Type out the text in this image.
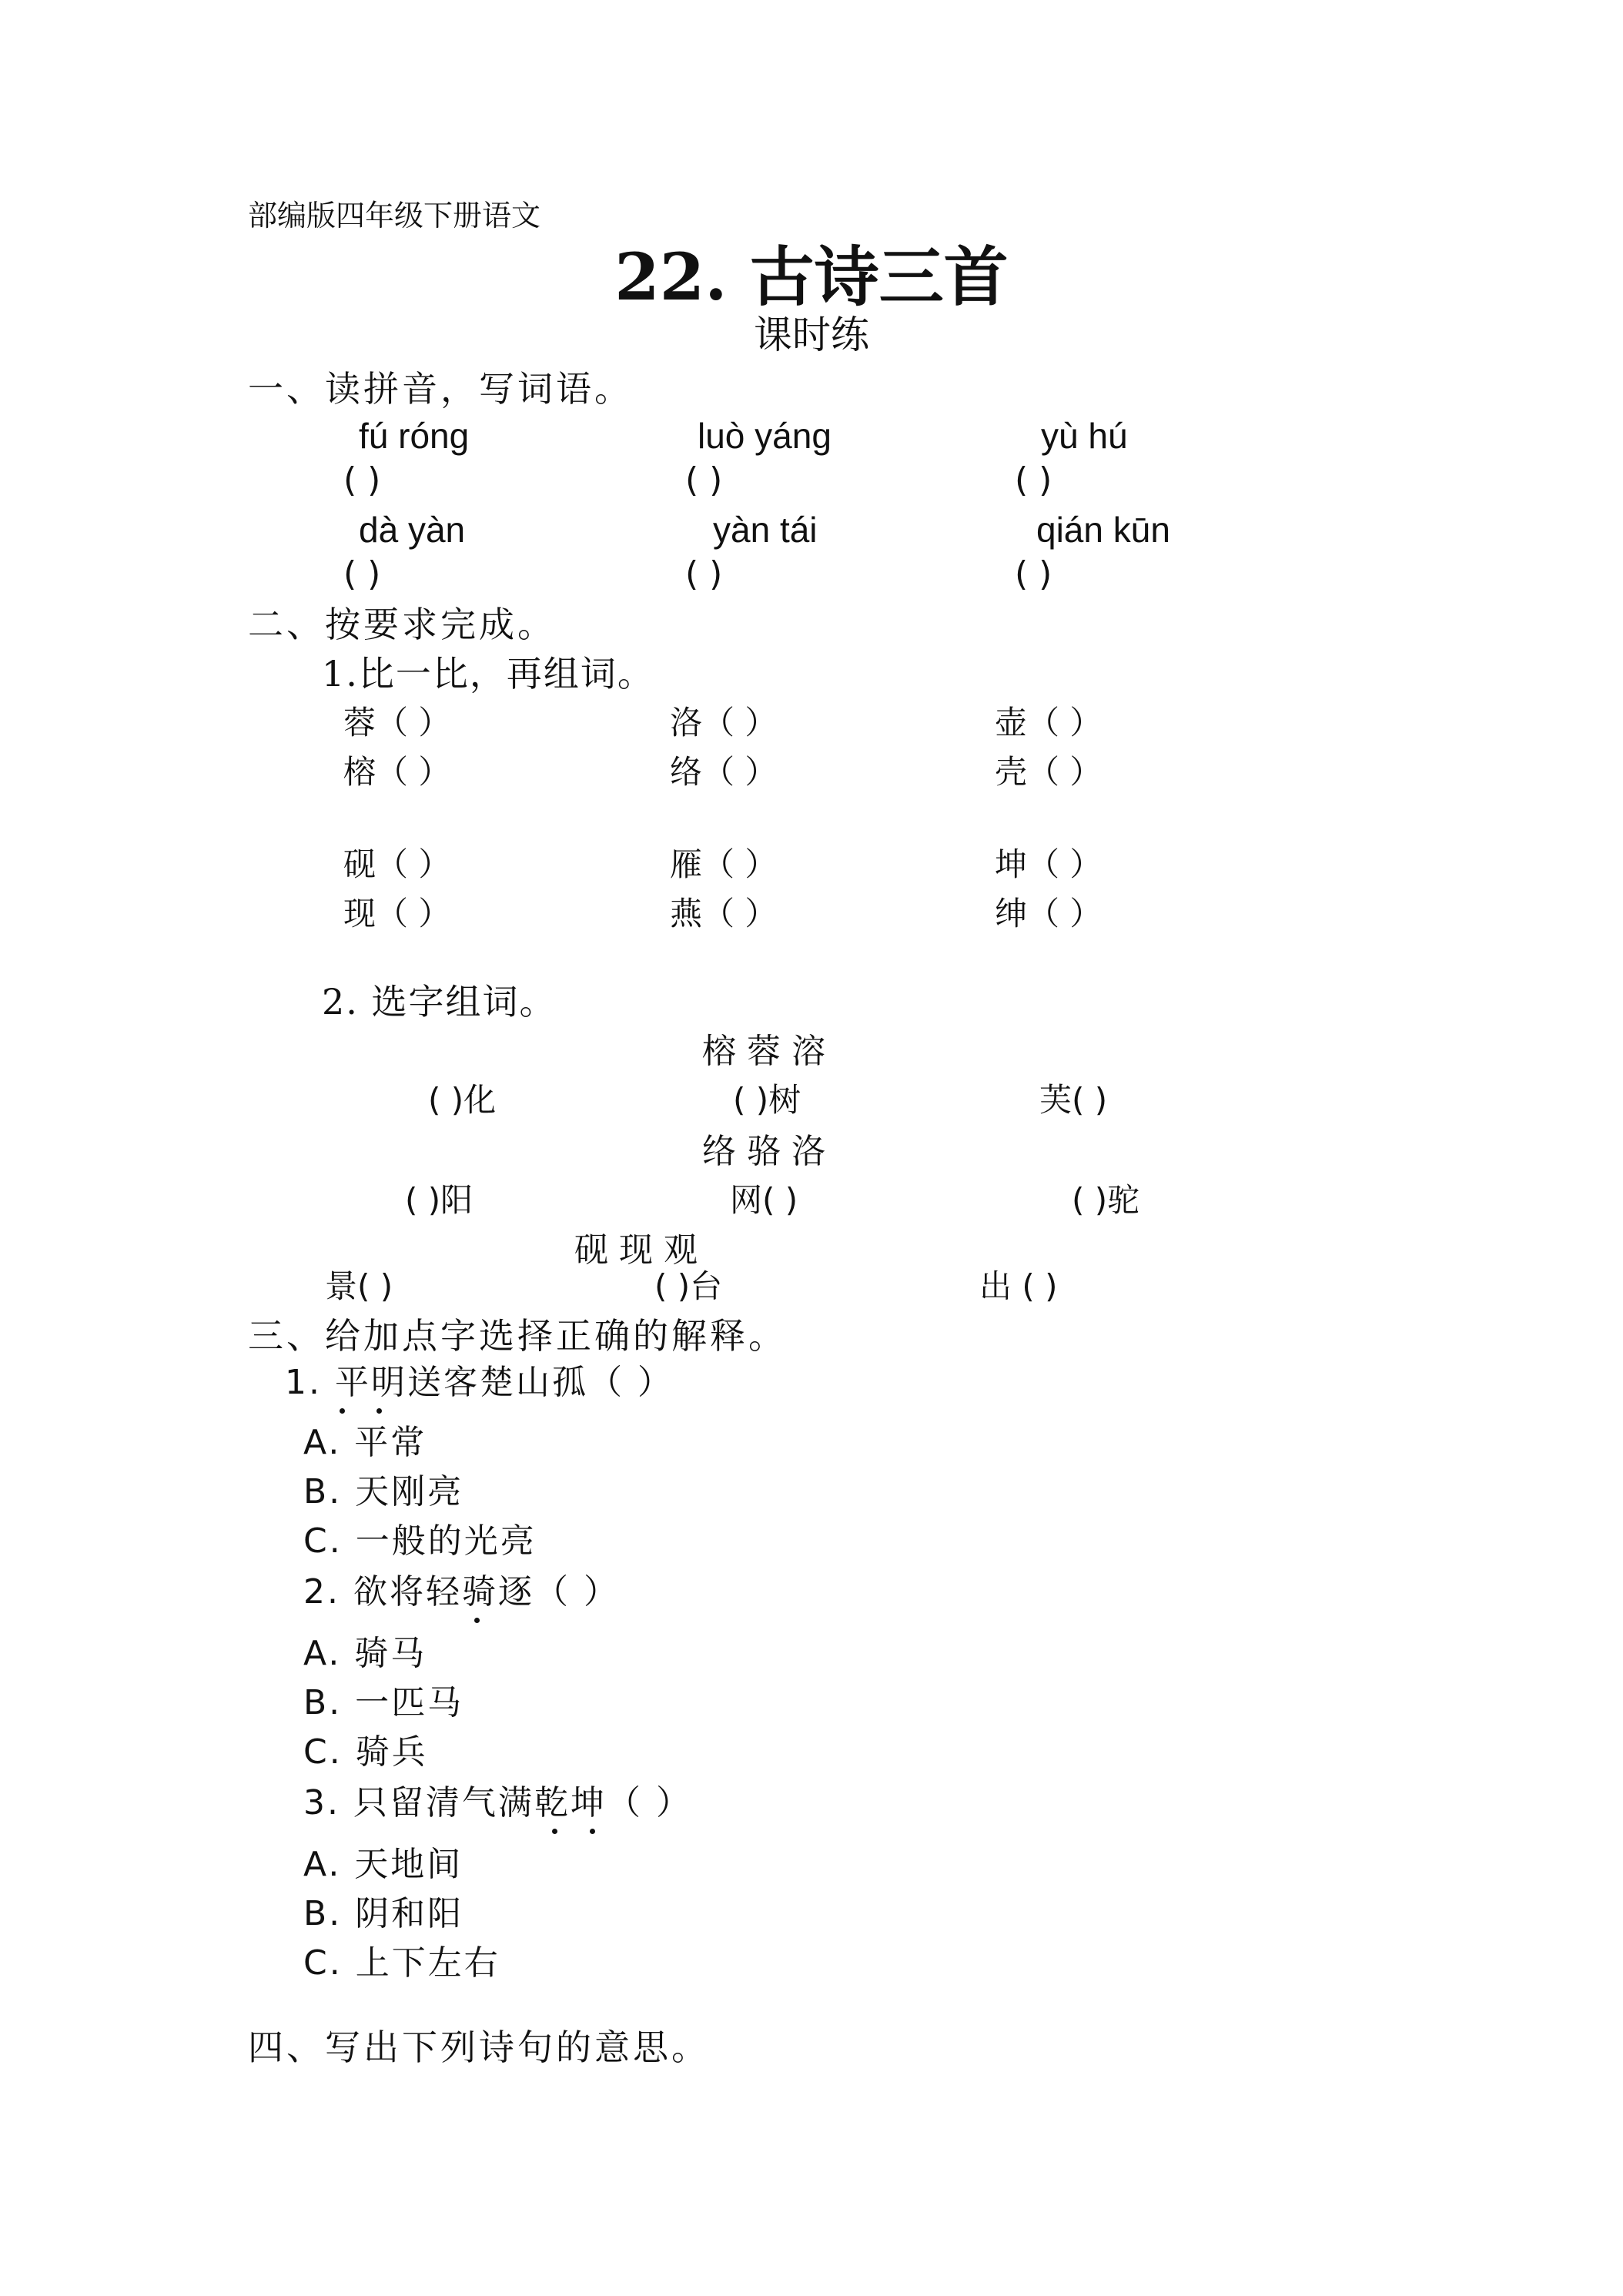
部编版四年级下册语文
22. 古诗三首
课时练
一、读拼音，写词语。
fú róng	luò yáng	yù hú
( )	( )	( )
dà yàn	yàn tái	qián kūn
( )	( )	( )
二、按要求完成。
1.比一比，再组词。
蓉（ ）	洛（ ）	壶（ ）
榕（ ）	络（ ）	壳（ ）
砚（ ）	雁（ ）	坤（ ）
现（ ）	燕（ ）	绅（ ）
2. 选字组词。
榕 蓉 溶
( )化	( )树	芙( )
络 骆 洛
( )阳	网( )	( )驼
砚 现 观
景( )	( )台	出 ( )
三、给加点字选择正确的解释。
1. 平明送客楚山孤（ ）
A. 平常
B. 天刚亮
C. 一般的光亮
2. 欲将轻骑逐（ ）
A. 骑马
B. 一匹马
C. 骑兵
3. 只留清气满乾坤（ ）
A. 天地间
B. 阴和阳
C. 上下左右
四、写出下列诗句的意思。
